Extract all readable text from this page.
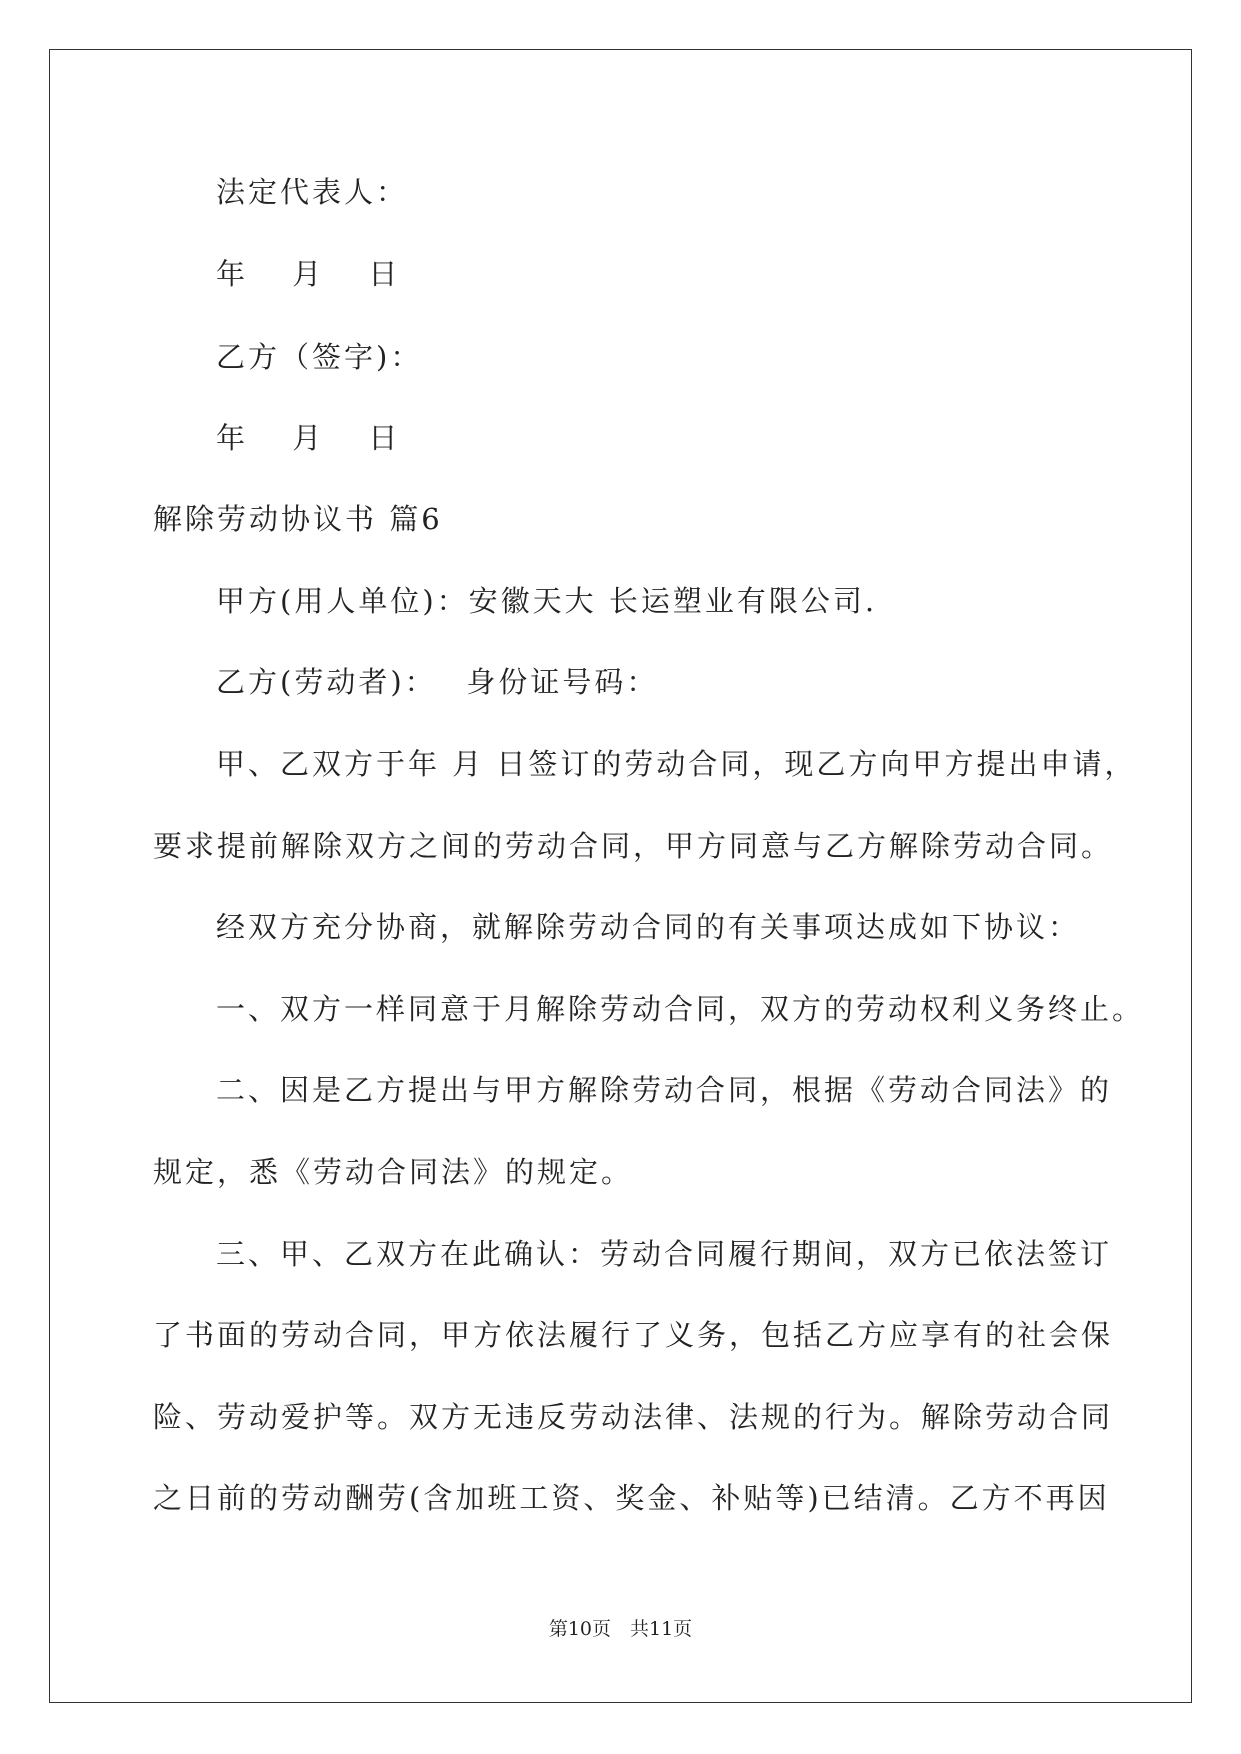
法定代表人：
年　 月 　日
乙方（签字)：
年　 月 　日
解除劳动协议书 篇6
甲方(用人单位)：安徽天大 长运塑业有限公司.
乙方(劳动者)：　 身份证号码：
甲、乙双方于年 月 日签订的劳动合同，现乙方向甲方提出申请，
要求提前解除双方之间的劳动合同，甲方同意与乙方解除劳动合同。
经双方充分协商，就解除劳动合同的有关事项达成如下协议：
一、双方一样同意于月解除劳动合同，双方的劳动权利义务终止。
二、因是乙方提出与甲方解除劳动合同，根据《劳动合同法》的
规定，悉《劳动合同法》的规定。
三、甲、乙双方在此确认：劳动合同履行期间，双方已依法签订
了书面的劳动合同，甲方依法履行了义务，包括乙方应享有的社会保
险、劳动爱护等。双方无违反劳动法律、法规的行为。解除劳动合同
之日前的劳动酬劳(含加班工资、奖金、补贴等)已结清。乙方不再因
第10页　共11页
